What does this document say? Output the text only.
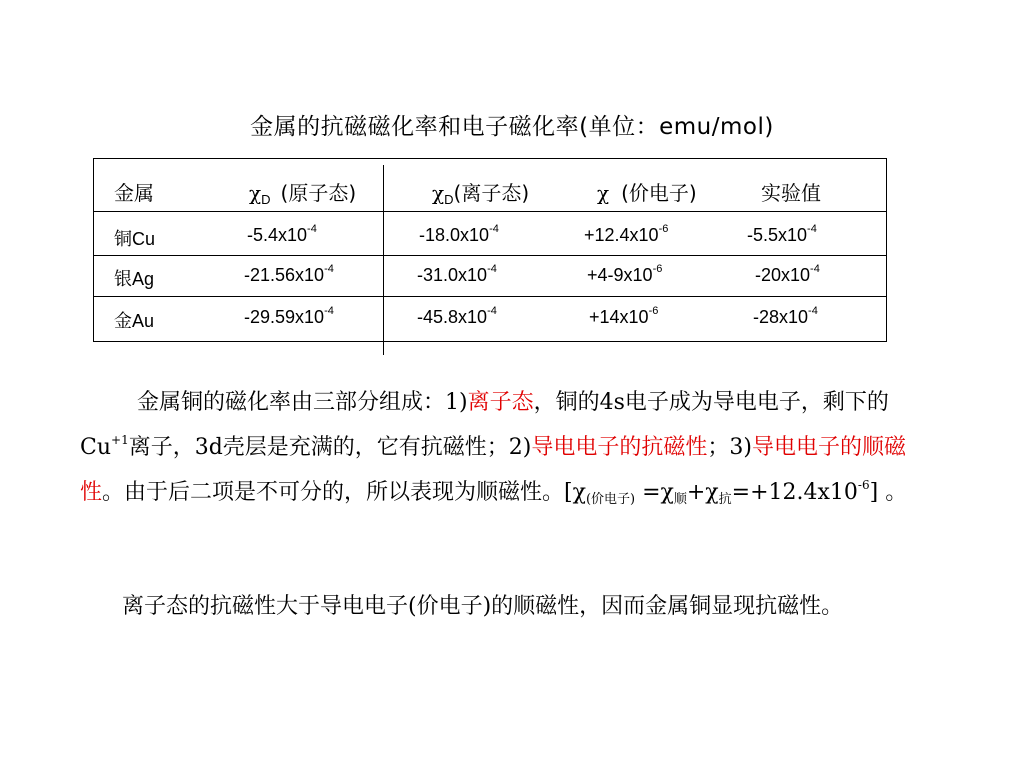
金属的抗磁磁化率和电子磁化率(单位：emu/mol)
金属	$\chi_D$ (原子态)	$\chi_D$(离子态)	χ (价电子)	实验值
铜Cu	$-5.4x10^{-4}$	$-18.0x10^{-4}$	$+12.4x10^{-6}$	$-5.5x10^{-4}$
银Ag	$-21.56x10^{-4}$	$-31.0x10^{-4}$	$+4-9x10^{-6}$	$-20x10^{-4}$
金Au	$-29.59x10^{-4}$	$-45.8x10^{-4}$	$+14x10^{-6}$	$-28x10^{-4}$
金属铜的磁化率由三部分组成：1)离子态，铜的4s电子成为导电电子，剩下的$Cu^{+1}$离子，3d壳层是充满的，它有抗磁性；2)导电电子的抗磁性；3)导电电子的顺磁性。由于后二项是不可分的，所以表现为顺磁性。$[\chi_{(价电子)} =\chi_顺+\chi_抗=+12.4x10^{-6}]$ 。
离子态的抗磁性大于导电电子(价电子)的顺磁性，因而金属铜显现抗磁性。
